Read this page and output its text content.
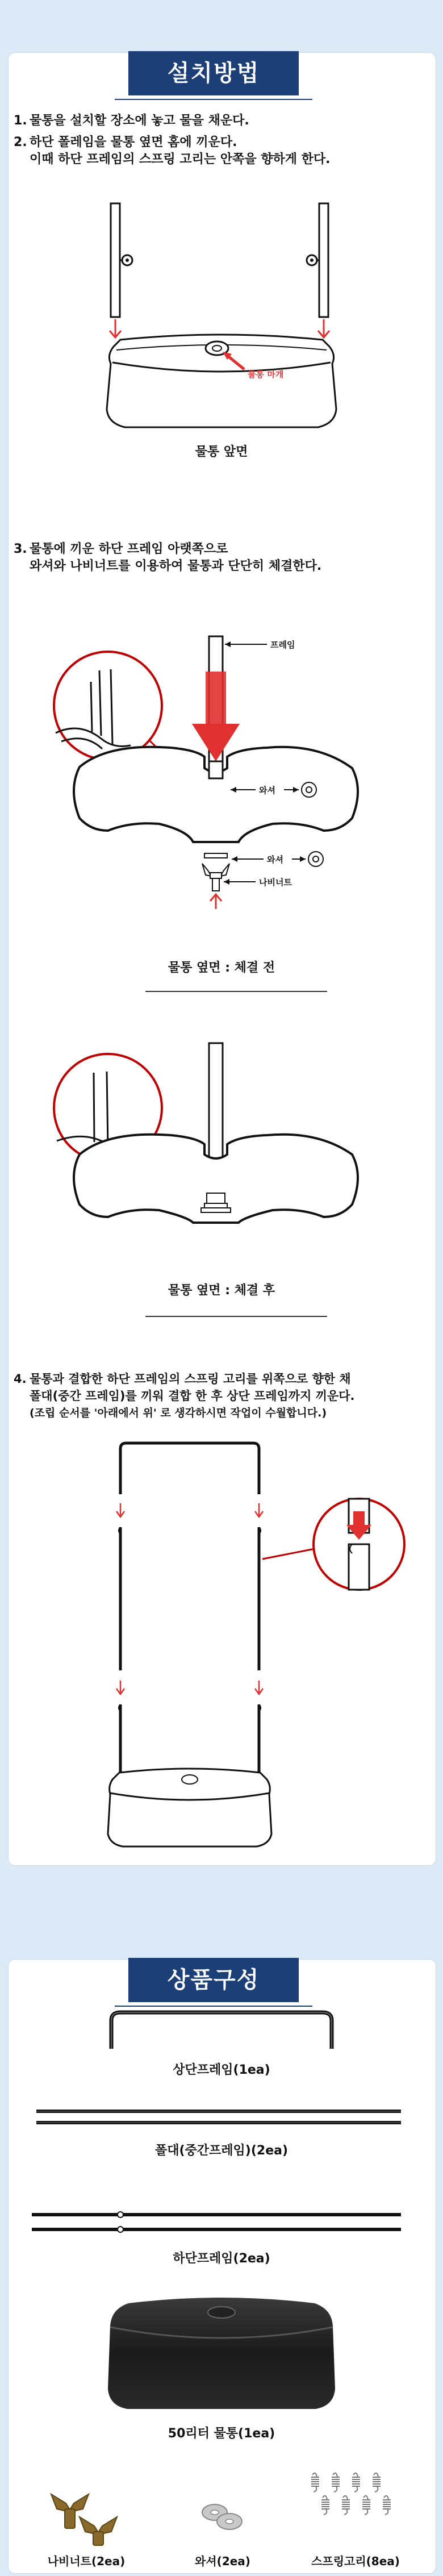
설치방법
1. 물통을 설치할 장소에 놓고 물을 채운다.
2. 하단 폴레임을 물통 옆면 홈에 끼운다.
이때 하단 프레임의 스프링 고리는 안쪽을 향하게 한다.
물통 마개
물통 앞면
3. 물통에 끼운 하단 프레임 아랫쪽으로
와셔와 나비너트를 이용하여 물통과 단단히 체결한다.
프레임
와셔
와셔
나비너트
물통 옆면 : 체결 전
물통 옆면 : 체결 후
4. 물통과 결합한 하단 프레임의 스프링 고리를 위쪽으로 향한 채
폴대(중간 프레임)를 끼워 결합 한 후 상단 프레임까지 끼운다.
(조립 순서를 '아래에서 위' 로 생각하시면 작업이 수월합니다.)
상품구성
상단프레임(1ea)
폴대(중간프레임)(2ea)
하단프레임(2ea)
50리터 물통(1ea)
나비너트(2ea)	와셔(2ea)	스프링고리(8ea)
